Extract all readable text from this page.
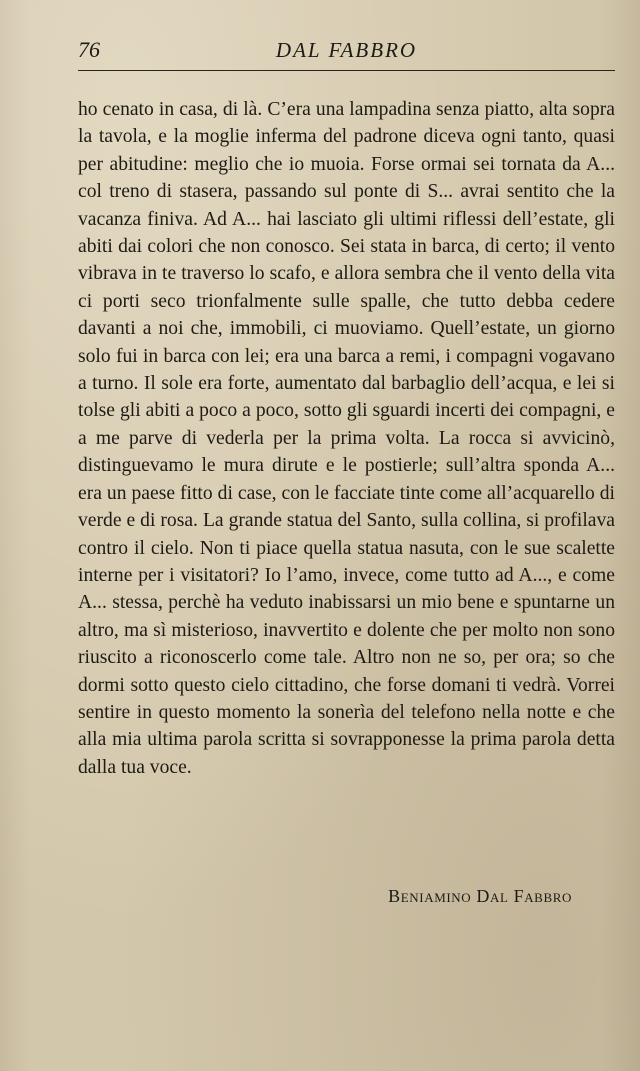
76	DAL FABBRO

ho cenato in casa, di là. C’era una lampadina senza piatto, alta sopra la tavola, e la moglie inferma del padrone diceva ogni tanto, quasi per abitudine: meglio che io muoia. Forse ormai sei tornata da A... col treno di stasera, passando sul ponte di S... avrai sentito che la vacanza finiva. Ad A... hai lasciato gli ultimi riflessi dell’estate, gli abiti dai colori che non conosco. Sei stata in barca, di certo; il vento vibrava in te traverso lo scafo, e allora sembra che il vento della vita ci porti seco trionfalmente sulle spalle, che tutto debba cedere davanti a noi che, immobili, ci muoviamo. Quell’estate, un giorno solo fui in barca con lei; era una barca a remi, i compagni vogavano a turno. Il sole era forte, aumentato dal barbaglio dell’acqua, e lei si tolse gli abiti a poco a poco, sotto gli sguardi incerti dei compagni, e a me parve di vederla per la prima volta. La rocca si avvicinò, distinguevamo le mura dirute e le postierle; sull’altra sponda A... era un paese fitto di case, con le facciate tinte come all’acquarello di verde e di rosa. La grande statua del Santo, sulla collina, si profilava contro il cielo. Non ti piace quella statua nasuta, con le sue scalette interne per i visitatori? Io l’amo, invece, come tutto ad A..., e come A... stessa, perchè ha veduto inabissarsi un mio bene e spuntarne un altro, ma sì misterioso, inavvertito e dolente che per molto non sono riuscito a riconoscerlo come tale. Altro non ne so, per ora; so che dormi sotto questo cielo cittadino, che forse domani ti vedrà. Vorrei sentire in questo momento la sonerìa del telefono nella notte e che alla mia ultima parola scritta si sovrapponesse la prima parola detta dalla tua voce.

Beniamino Dal Fabbro
